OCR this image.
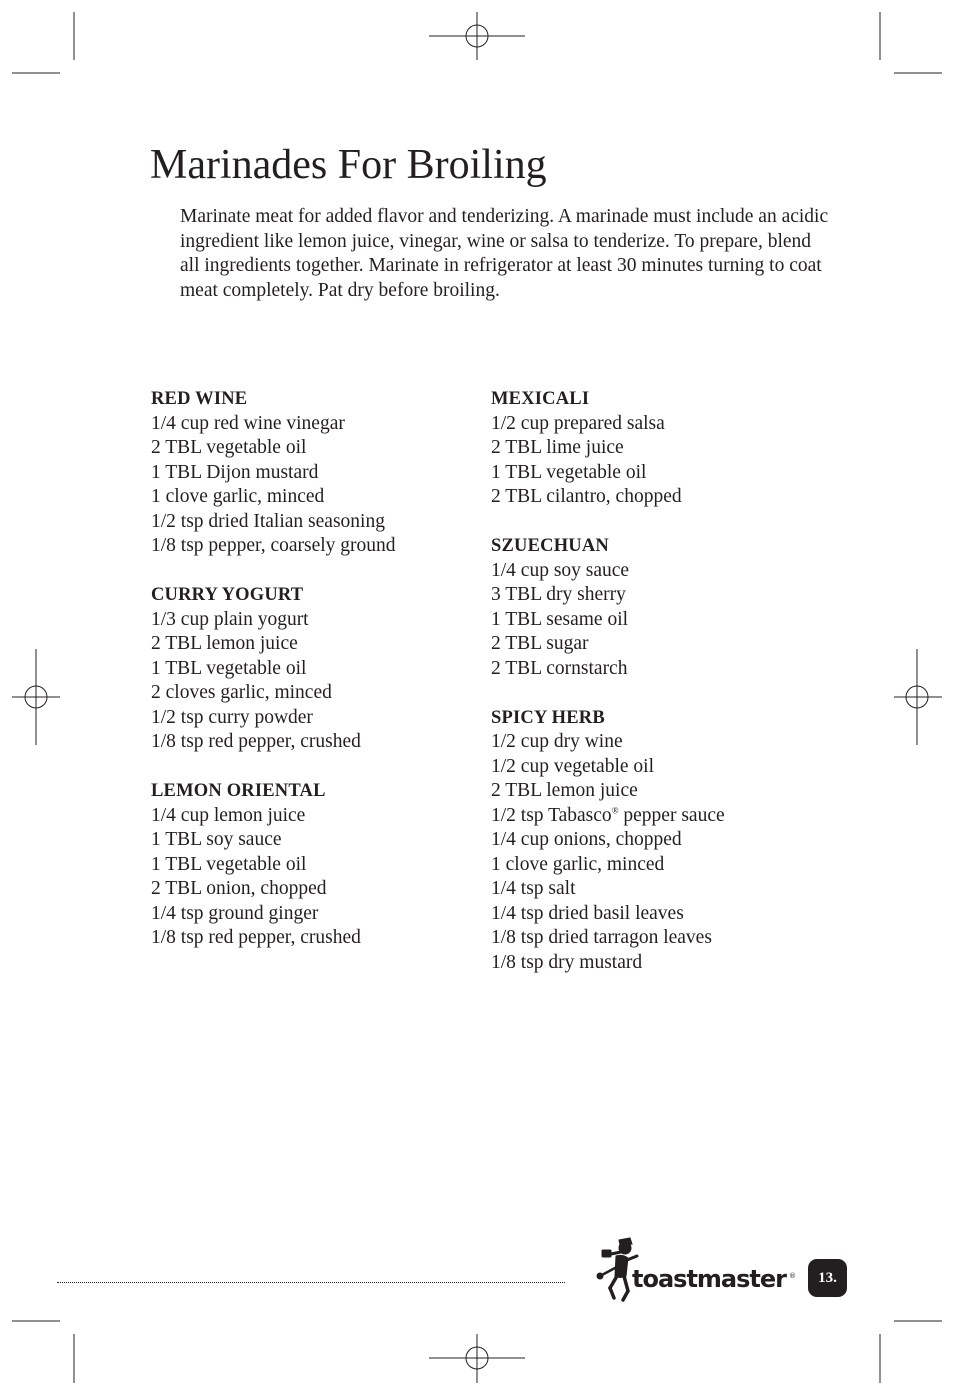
Marinades For Broiling

Marinate meat for added flavor and tenderizing. A marinade must include an acidic ingredient like lemon juice, vinegar, wine or salsa to tenderize. To prepare, blend all ingredients together. Marinate in refrigerator at least 30 minutes turning to coat meat completely. Pat dry before broiling.

RED WINE
1/4 cup red wine vinegar
2 TBL vegetable oil
1 TBL Dijon mustard
1 clove garlic, minced
1/2 tsp dried Italian seasoning
1/8 tsp pepper, coarsely ground
CURRY YOGURT
1/3 cup plain yogurt
2 TBL lemon juice
1 TBL vegetable oil
2 cloves garlic, minced
1/2 tsp curry powder
1/8 tsp red pepper, crushed
LEMON ORIENTAL
1/4 cup lemon juice
1 TBL soy sauce
1 TBL vegetable oil
2 TBL onion, chopped
1/4 tsp ground ginger
1/8 tsp red pepper, crushed
MEXICALI
1/2 cup prepared salsa
2 TBL lime juice
1 TBL vegetable oil
2 TBL cilantro, chopped
SZUECHUAN
1/4 cup soy sauce
3 TBL dry sherry
1 TBL sesame oil
2 TBL sugar
2 TBL cornstarch
SPICY HERB
1/2 cup dry wine
1/2 cup vegetable oil
2 TBL lemon juice
1/2 tsp Tabasco® pepper sauce
1/4 cup onions, chopped
1 clove garlic, minced
1/4 tsp salt
1/4 tsp dried basil leaves
1/8 tsp dried tarragon leaves
1/8 tsp dry mustard
toastmaster ® 13.
